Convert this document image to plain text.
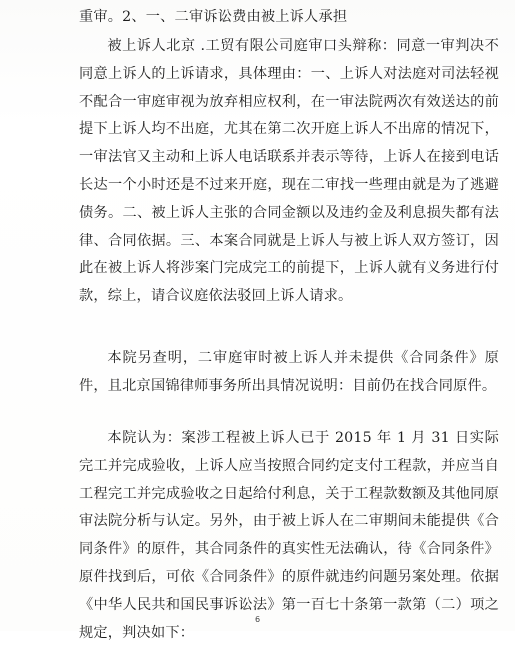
重审。2、一、二审诉讼费由被上诉人承担

被上诉人北京 .工贸有限公司庭审口头辩称：同意一审判决不同意上诉人的上诉请求，具体理由：一、上诉人对法庭对司法轻视不配合一审庭审视为放弃相应权利，在一审法院两次有效送达的前提下上诉人均不出庭，尤其在第二次开庭上诉人不出席的情况下，一审法官又主动和上诉人电话联系并表示等待，上诉人在接到电话长达一个小时还是不过来开庭，现在二审找一些理由就是为了逃避债务。二、被上诉人主张的合同金额以及违约金及利息损失都有法律、合同依据。三、本案合同就是上诉人与被上诉人双方签订，因此在被上诉人将涉案门完成完工的前提下，上诉人就有义务进行付款，综上，请合议庭依法驳回上诉人请求。

本院另查明，二审庭审时被上诉人并未提供《合同条件》原件，且北京国锦律师事务所出具情况说明：目前仍在找合同原件。

本院认为：案涉工程被上诉人已于 2015 年 1 月 31 日实际完工并完成验收，上诉人应当按照合同约定支付工程款，并应当自工程完工并完成验收之日起给付利息，关于工程款数额及其他同原审法院分析与认定。另外，由于被上诉人在二审期间未能提供《合同条件》的原件，其合同条件的真实性无法确认，待《合同条件》原件找到后，可依《合同条件》的原件就违约问题另案处理。依据《中华人民共和国民事诉讼法》第一百七十条第一款第（二）项之规定，判决如下：

6
